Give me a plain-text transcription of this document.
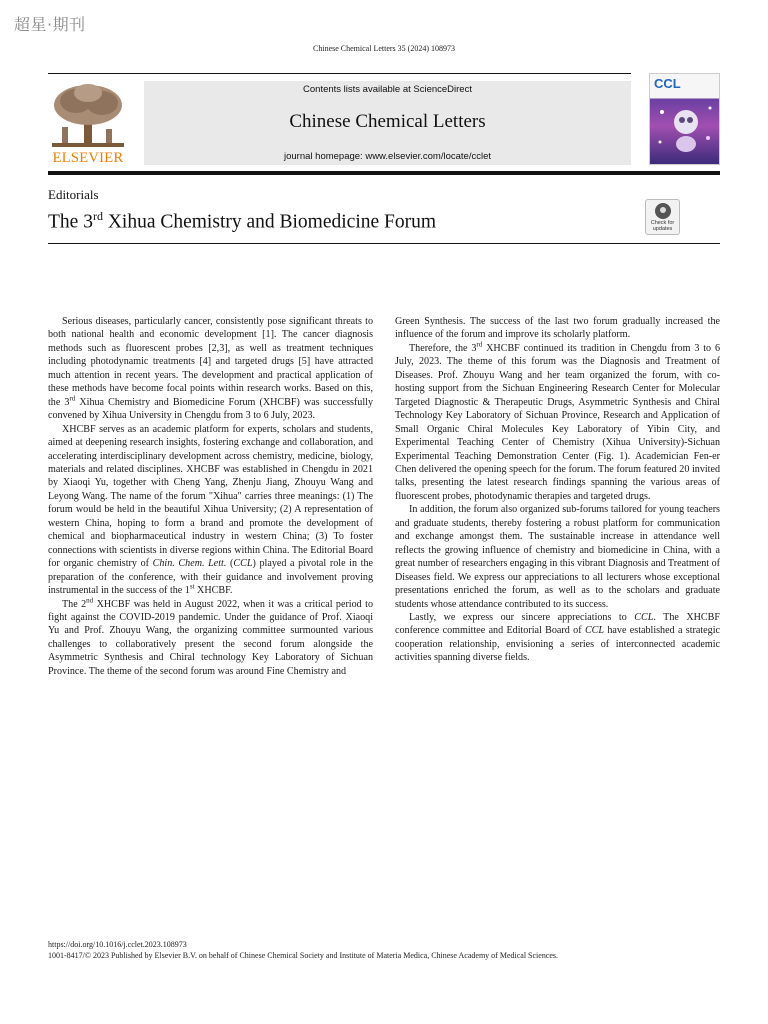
超星·期刊
Chinese Chemical Letters 35 (2024) 108973
ELSEVIER
Contents lists available at ScienceDirect
Chinese Chemical Letters
journal homepage: www.elsevier.com/locate/cclet
CCL
Editorials
The 3rd Xihua Chemistry and Biomedicine Forum	Check for updates

Serious diseases, particularly cancer, consistently pose significant threats to both national health and economic development [1]. The cancer diagnosis methods such as fluorescent probes [2,3], as well as treatment techniques including photodynamic treatments [4] and targeted drugs [5] have attracted much attention in recent years. The development and practical application of these methods have become focal points within research works. Based on this, the 3rd Xihua Chemistry and Biomedicine Forum (XHCBF) was successfully convened by Xihua University in Chengdu from 3 to 6 July, 2023.

XHCBF serves as an academic platform for experts, scholars and students, aimed at deepening research insights, fostering exchange and collaboration, and accelerating interdisciplinary development across chemistry, medicine, biology, materials and related disciplines. XHCBF was established in Chengdu in 2021 by Xiaoqi Yu, together with Cheng Yang, Zhenju Jiang, Zhouyu Wang and Leyong Wang. The name of the forum "Xihua" carries three meanings: (1) The forum would be held in the beautiful Xihua University; (2) A representation of western China, hoping to form a brand and promote the development of chemical and biopharmaceutical industry in western China; (3) To foster connections with scientists in diverse regions within China. The Editorial Board for organic chemistry of Chin. Chem. Lett. (CCL) played a pivotal role in the preparation of the conference, with their guidance and involvement proving instrumental in the success of the 1st XHCBF.

The 2nd XHCBF was held in August 2022, when it was a critical period to fight against the COVID-2019 pandemic. Under the guidance of Prof. Xiaoqi Yu and Prof. Zhouyu Wang, the organizing committee surmounted various challenges to collaboratively present the second forum alongside the Asymmetric Synthesis and Chiral technology Key Laboratory of Sichuan Province. The theme of the second forum was around Fine Chemistry and

Green Synthesis. The success of the last two forum gradually increased the influence of the forum and improve its scholarly platform.

Therefore, the 3rd XHCBF continued its tradition in Chengdu from 3 to 6 July, 2023. The theme of this forum was the Diagnosis and Treatment of Diseases. Prof. Zhouyu Wang and her team organized the forum, with co-hosting support from the Sichuan Engineering Research Center for Molecular Targeted Diagnostic & Therapeutic Drugs, Asymmetric Synthesis and Chiral Technology Key Laboratory of Sichuan Province, Research and Application of Small Organic Chiral Molecules Key Laboratory of Yibin City, and Experimental Teaching Center of Chemistry (Xihua University)-Sichuan Experimental Teaching Demonstration Center (Fig. 1). Academician Fen-er Chen delivered the opening speech for the forum. The forum featured 20 invited talks, presenting the latest research findings spanning the various areas of fluorescent probes, photodynamic therapies and targeted drugs.

In addition, the forum also organized sub-forums tailored for young teachers and graduate students, thereby fostering a robust platform for communication and exchange amongst them. The sustainable increase in attendance well reflects the growing influence of chemistry and biomedicine in China, with a great number of researchers engaging in this vibrant Diagnosis and Treatment of Diseases field. We express our appreciations to all lecturers whose exceptional presentations enriched the forum, as well as to the scholars and graduate students whose attendance contributed to its success.

Lastly, we express our sincere appreciations to CCL. The XHCBF conference committee and Editorial Board of CCL have established a strategic cooperation relationship, envisioning a series of interconnected academic activities spanning diverse fields.

https://doi.org/10.1016/j.cclet.2023.108973
1001-8417/© 2023 Published by Elsevier B.V. on behalf of Chinese Chemical Society and Institute of Materia Medica, Chinese Academy of Medical Sciences.
